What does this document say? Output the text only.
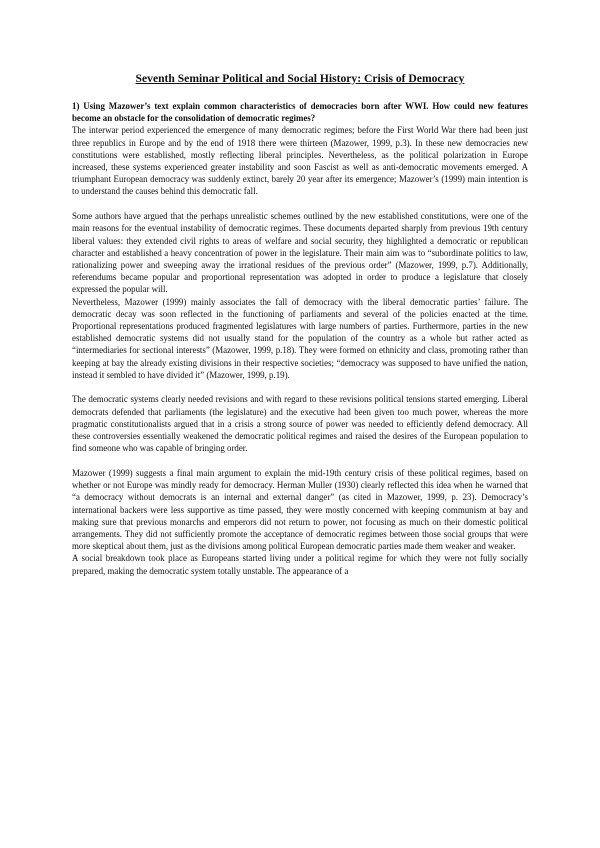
Seventh Seminar Political and Social History: Crisis of Democracy

1) Using Mazower’s text explain common characteristics of democracies born after WWI. How could new features become an obstacle for the consolidation of democratic regimes?

The interwar period experienced the emergence of many democratic regimes; before the First World War there had been just three republics in Europe and by the end of 1918 there were thirteen (Mazower, 1999, p.3). In these new democracies new constitutions were established, mostly reflecting liberal principles. Nevertheless, as the political polarization in Europe increased, these systems experienced greater instability and soon Fascist as well as anti-democratic movements emerged. A triumphant European democracy was suddenly extinct, barely 20 year after its emergence; Mazower’s (1999) main intention is to understand the causes behind this democratic fall.

Some authors have argued that the perhaps unrealistic schemes outlined by the new established constitutions, were one of the main reasons for the eventual instability of democratic regimes. These documents departed sharply from previous 19th century liberal values: they extended civil rights to areas of welfare and social security, they highlighted a democratic or republican character and established a heavy concentration of power in the legislature. Their main aim was to “subordinate politics to law, rationalizing power and sweeping away the irrational residues of the previous order” (Mazower, 1999, p.7). Additionally, referendums became popular and proportional representation was adopted in order to produce a legislature that closely expressed the popular will.

Nevertheless, Mazower (1999) mainly associates the fall of democracy with the liberal democratic parties’ failure. The democratic decay was soon reflected in the functioning of parliaments and several of the policies enacted at the time. Proportional representations produced fragmented legislatures with large numbers of parties. Furthermore, parties in the new established democratic systems did not usually stand for the population of the country as a whole but rather acted as “intermediaries for sectional interests” (Mazower, 1999, p.18). They were formed on ethnicity and class, promoting rather than keeping at bay the already existing divisions in their respective societies; “democracy was supposed to have unified the nation, instead it sembled to have divided it” (Mazower, 1999, p.19).

The democratic systems clearly needed revisions and with regard to these revisions political tensions started emerging. Liberal democrats defended that parliaments (the legislature) and the executive had been given too much power, whereas the more pragmatic constitutionalists argued that in a crisis a strong source of power was needed to efficiently defend democracy. All these controversies essentially weakened the democratic political regimes and raised the desires of the European population to find someone who was capable of bringing order.

Mazower (1999) suggests a final main argument to explain the mid-19th century crisis of these political regimes, based on whether or not Europe was mindly ready for democracy. Herman Muller (1930) clearly reflected this idea when he warned that “a democracy without democrats is an internal and external danger” (as cited in Mazower, 1999, p. 23). Democracy’s international backers were less supportive as time passed, they were mostly concerned with keeping communism at bay and making sure that previous monarchs and emperors did not return to power, not focusing as much on their domestic political arrangements. They did not sufficiently promote the acceptance of democratic regimes between those social groups that were more skeptical about them, just as the divisions among political European democratic parties made them weaker and weaker.

A social breakdown took place as Europeans started living under a political regime for which they were not fully socially prepared, making the democratic system totally unstable. The appearance of a
